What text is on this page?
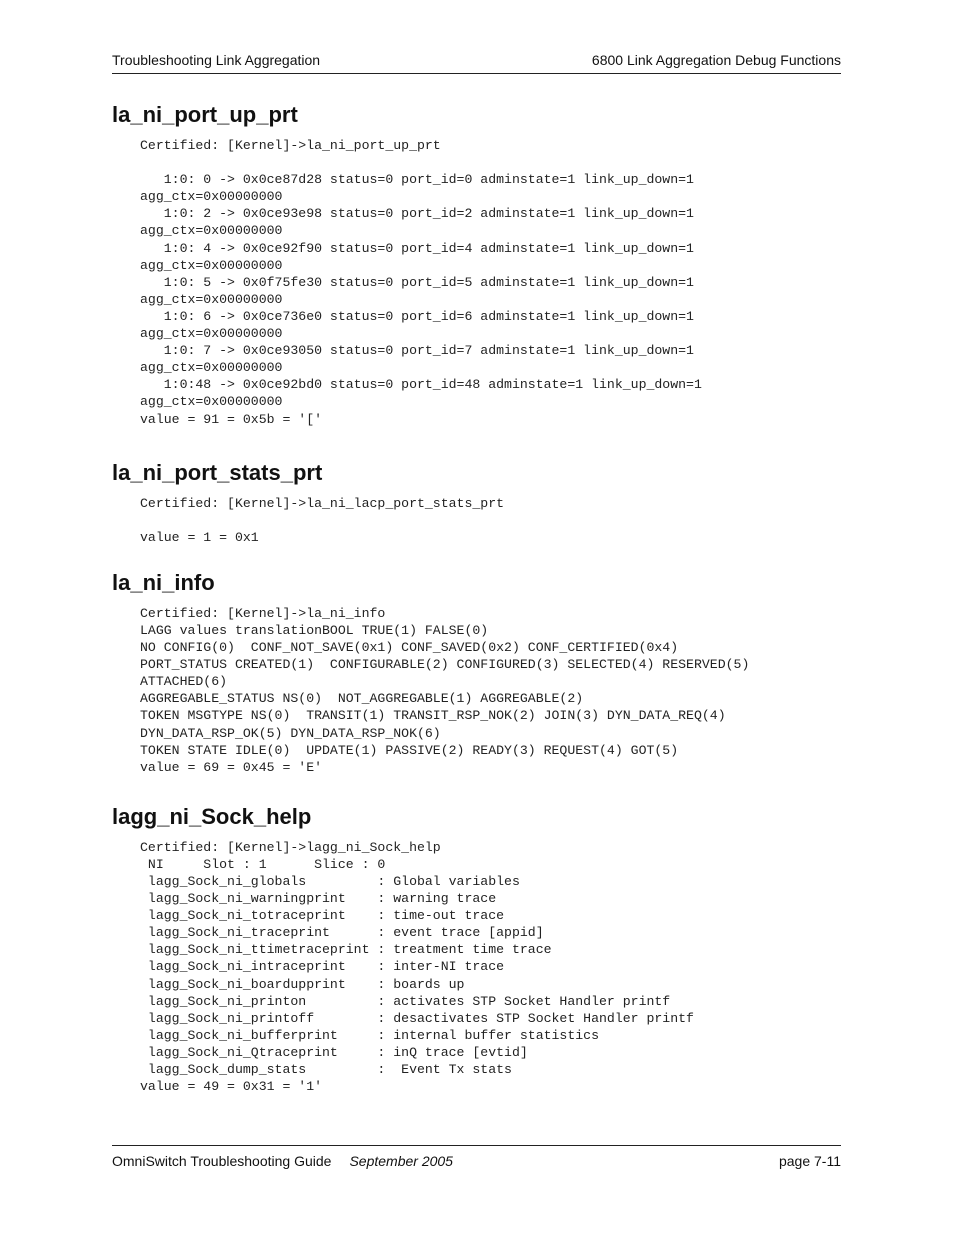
Troubleshooting Link Aggregation	6800 Link Aggregation Debug Functions
la_ni_port_up_prt
Certified: [Kernel]->la_ni_port_up_prt

1:0: 0 -> 0x0ce87d28 status=0 port_id=0 adminstate=1 link_up_down=1
agg_ctx=0x00000000
1:0: 2 -> 0x0ce93e98 status=0 port_id=2 adminstate=1 link_up_down=1
agg_ctx=0x00000000
1:0: 4 -> 0x0ce92f90 status=0 port_id=4 adminstate=1 link_up_down=1
agg_ctx=0x00000000
1:0: 5 -> 0x0f75fe30 status=0 port_id=5 adminstate=1 link_up_down=1
agg_ctx=0x00000000
1:0: 6 -> 0x0ce736e0 status=0 port_id=6 adminstate=1 link_up_down=1
agg_ctx=0x00000000
1:0: 7 -> 0x0ce93050 status=0 port_id=7 adminstate=1 link_up_down=1
agg_ctx=0x00000000
1:0:48 -> 0x0ce92bd0 status=0 port_id=48 adminstate=1 link_up_down=1
agg_ctx=0x00000000
value = 91 = 0x5b = '['
la_ni_port_stats_prt
Certified: [Kernel]->la_ni_lacp_port_stats_prt

value = 1 = 0x1
la_ni_info
Certified: [Kernel]->la_ni_info
LAGG values translationBOOL TRUE(1) FALSE(0)
NO CONFIG(0)  CONF_NOT_SAVE(0x1) CONF_SAVED(0x2) CONF_CERTIFIED(0x4)
PORT_STATUS CREATED(1)  CONFIGURABLE(2) CONFIGURED(3) SELECTED(4) RESERVED(5)
ATTACHED(6)
AGGREGABLE_STATUS NS(0)  NOT_AGGREGABLE(1) AGGREGABLE(2)
TOKEN MSGTYPE NS(0)  TRANSIT(1) TRANSIT_RSP_NOK(2) JOIN(3) DYN_DATA_REQ(4)
DYN_DATA_RSP_OK(5) DYN_DATA_RSP_NOK(6)
TOKEN STATE IDLE(0)  UPDATE(1) PASSIVE(2) READY(3) REQUEST(4) GOT(5)
value = 69 = 0x45 = 'E'
lagg_ni_Sock_help
Certified: [Kernel]->lagg_ni_Sock_help
NI     Slot : 1      Slice : 0
lagg_Sock_ni_globals         : Global variables
lagg_Sock_ni_warningprint    : warning trace
lagg_Sock_ni_totraceprint    : time-out trace
lagg_Sock_ni_traceprint      : event trace [appid]
lagg_Sock_ni_ttimetraceprint : treatment time trace
lagg_Sock_ni_intraceprint    : inter-NI trace
lagg_Sock_ni_boardupprint    : boards up
lagg_Sock_ni_printon         : activates STP Socket Handler printf
lagg_Sock_ni_printoff        : desactivates STP Socket Handler printf
lagg_Sock_ni_bufferprint     : internal buffer statistics
lagg_Sock_ni_Qtraceprint     : inQ trace [evtid]
lagg_Sock_dump_stats         :  Event Tx stats
value = 49 = 0x31 = '1'
OmniSwitch Troubleshooting Guide September 2005	page 7-11
